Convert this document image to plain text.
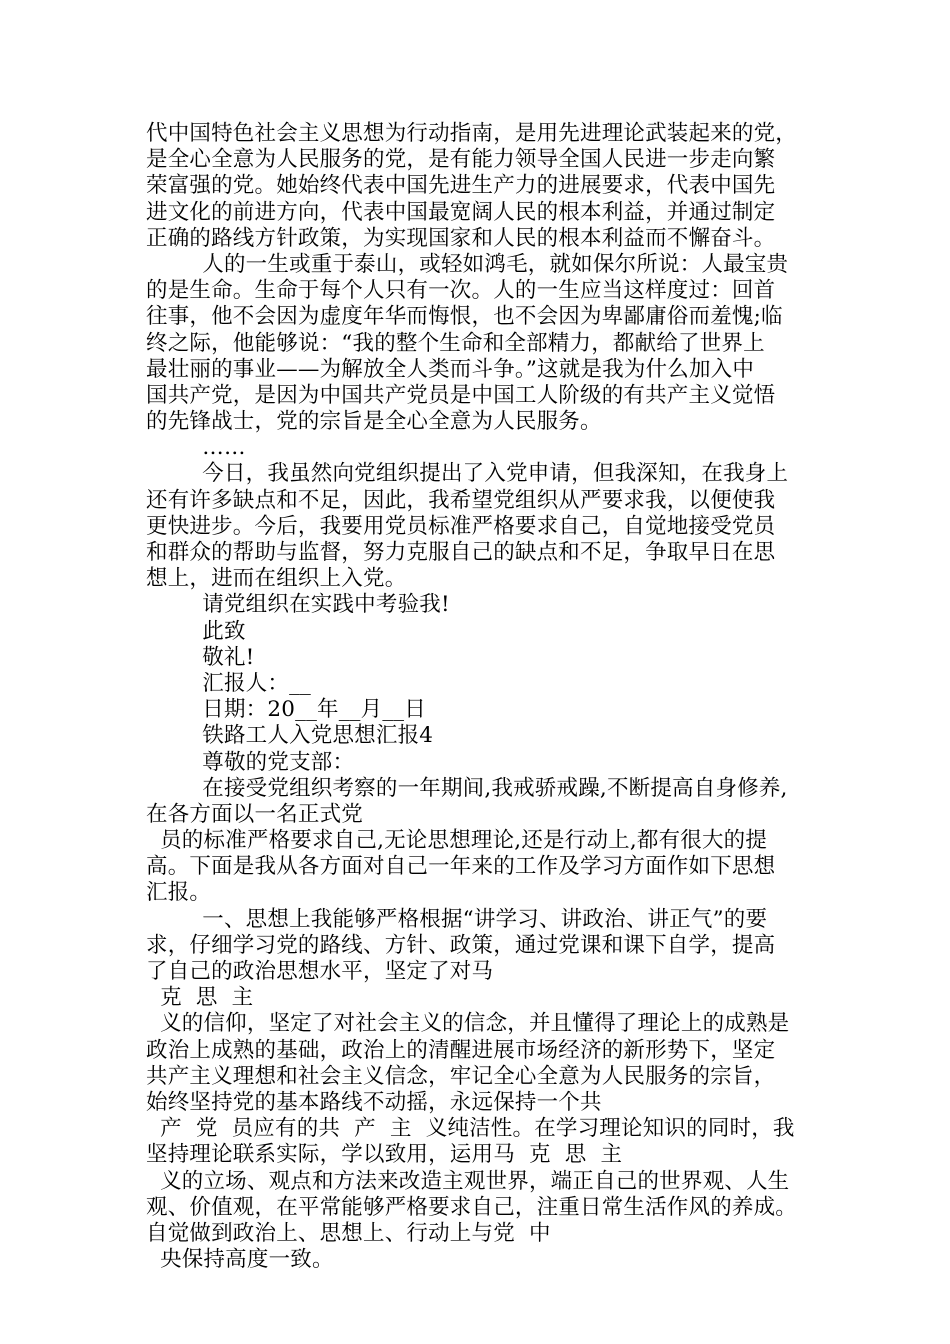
代中国特色社会主义思想为行动指南，是用先进理论武装起来的党，
是全心全意为人民服务的党，是有能力领导全国人民进一步走向繁
荣富强的党。她始终代表中国先进生产力的进展要求，代表中国先
进文化的前进方向，代表中国最宽阔人民的根本利益，并通过制定
正确的路线方针政策，为实现国家和人民的根本利益而不懈奋斗。
人的一生或重于泰山，或轻如鸿毛，就如保尔所说：人最宝贵
的是生命。生命于每个人只有一次。人的一生应当这样度过：回首
往事，他不会因为虚度年华而悔恨，也不会因为卑鄙庸俗而羞愧;临
终之际，他能够说：“我的整个生命和全部精力，都献给了世界上
最壮丽的事业——为解放全人类而斗争。”这就是我为什么加入中
国共产党，是因为中国共产党员是中国工人阶级的有共产主义觉悟
的先锋战士，党的宗旨是全心全意为人民服务。
……
今日，我虽然向党组织提出了入党申请，但我深知，在我身上
还有许多缺点和不足，因此，我希望党组织从严要求我，以便使我
更快进步。今后，我要用党员标准严格要求自己，自觉地接受党员
和群众的帮助与监督，努力克服自己的缺点和不足，争取早日在思
想上，进而在组织上入党。
请党组织在实践中考验我!
此致
敬礼!
汇报人：__
日期：20__年__月__日
铁路工人入党思想汇报4
尊敬的党支部：
在接受党组织考察的一年期间,我戒骄戒躁,不断提高自身修养,
在各方面以一名正式党
员的标准严格要求自己,无论思想理论,还是行动上,都有很大的提
高。下面是我从各方面对自己一年来的工作及学习方面作如下思想
汇报。
一、思想上我能够严格根据“讲学习、讲政治、讲正气”的要
求，仔细学习党的路线、方针、政策，通过党课和课下自学，提高
了自己的政治思想水平，坚定了对马
克  思  主
义的信仰，坚定了对社会主义的信念，并且懂得了理论上的成熟是
政治上成熟的基础，政治上的清醒进展市场经济的新形势下，坚定
共产主义理想和社会主义信念，牢记全心全意为人民服务的宗旨，
始终坚持党的基本路线不动摇，永远保持一个共
产  党  员应有的共  产  主  义纯洁性。在学习理论知识的同时，我
坚持理论联系实际，学以致用，运用马  克  思  主
义的立场、观点和方法来改造主观世界，端正自己的世界观、人生
观、价值观，在平常能够严格要求自己，注重日常生活作风的养成。
自觉做到政治上、思想上、行动上与党  中
央保持高度一致。
